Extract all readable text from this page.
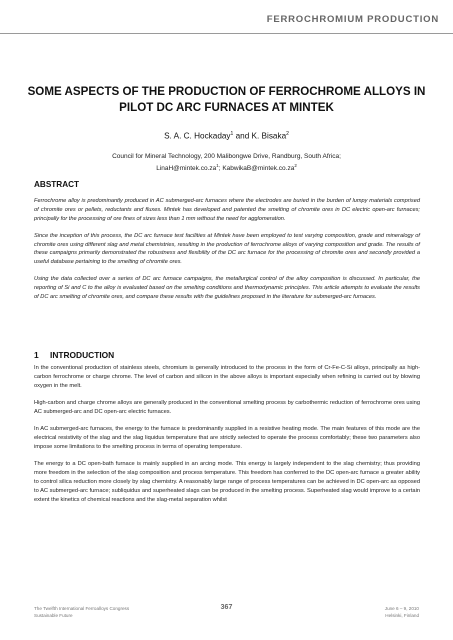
FERROCHROMIUM PRODUCTION
SOME ASPECTS OF THE PRODUCTION OF FERROCHROME ALLOYS IN PILOT DC ARC FURNACES AT MINTEK
S. A. C. Hockaday$^1$ and K. Bisaka$^2$
Council for Mineral Technology, 200 Malibongwe Drive, Randburg, South Africa;
$LinaH@mintek.co.za^1$; $KabwikaB@mintek.co.za^2$
ABSTRACT

Ferrochrome alloy is predominantly produced in AC submerged-arc furnaces where the electrodes are buried in the burden of lumpy materials comprised of chromite ores or pellets, reductants and fluxes. Mintek has developed and patented the smelting of chromite ores in DC electric open-arc furnaces; principally for the processing of ore fines of sizes less than 1 mm without the need for agglomeration.

Since the inception of this process, the DC arc furnace test facilities at Mintek have been employed to test varying composition, grade and mineralogy of chromite ores using different slag and metal chemistries, resulting in the production of ferrochrome alloys of varying composition and grade. The results of these campaigns primarily demonstrated the robustness and flexibility of the DC arc furnace for the processing of chromite ores and secondly provided a useful database pertaining to the smelting of chromite ores.

Using the data collected over a series of DC arc furnace campaigns, the metallurgical control of the alloy composition is discussed. In particular, the reporting of Si and C to the alloy is evaluated based on the smelting conditions and thermodynamic principles. This article attempts to evaluate the results of DC arc smelting of chromite ores, and compare these results with the guidelines proposed in the literature for submerged-arc furnaces.

1 INTRODUCTION

In the conventional production of stainless steels, chromium is generally introduced to the process in the form of Cr-Fe-C-Si alloys, principally as high-carbon ferrochrome or charge chrome. The level of carbon and silicon in the above alloys is important especially when refining is carried out by blowing oxygen in the melt.

High-carbon and charge chrome alloys are generally produced in the conventional smelting process by carbothermic reduction of ferrochrome ores using AC submerged-arc and DC open-arc electric furnaces.

In AC submerged-arc furnaces, the energy to the furnace is predominantly supplied in a resistive heating mode. The main features of this mode are the electrical resistivity of the slag and the slag liquidus temperature that are strictly selected to operate the process comfortably; these two parameters also impose some limitations to the smelting process in terms of operating temperature.

The energy to a DC open-bath furnace is mainly supplied in an arcing mode. This energy is largely independent to the slag chemistry; thus providing more freedom in the selection of the slag composition and process temperature. This freedom has conferred to the DC open-arc furnace a greater ability to control silica reduction more closely by slag chemistry. A reasonably large range of process temperatures can be achieved in DC open-arc as opposed to AC submerged-arc furnace; subliquidus and superheated slags can be produced in the smelting process. Superheated slag would improve to a certain extent the kinetics of chemical reactions and the slag-metal separation whilst

The Twelfth International Ferroalloys Congress
Sustainable Future
367	June 6 – 9, 2010
Helsinki, Finland
